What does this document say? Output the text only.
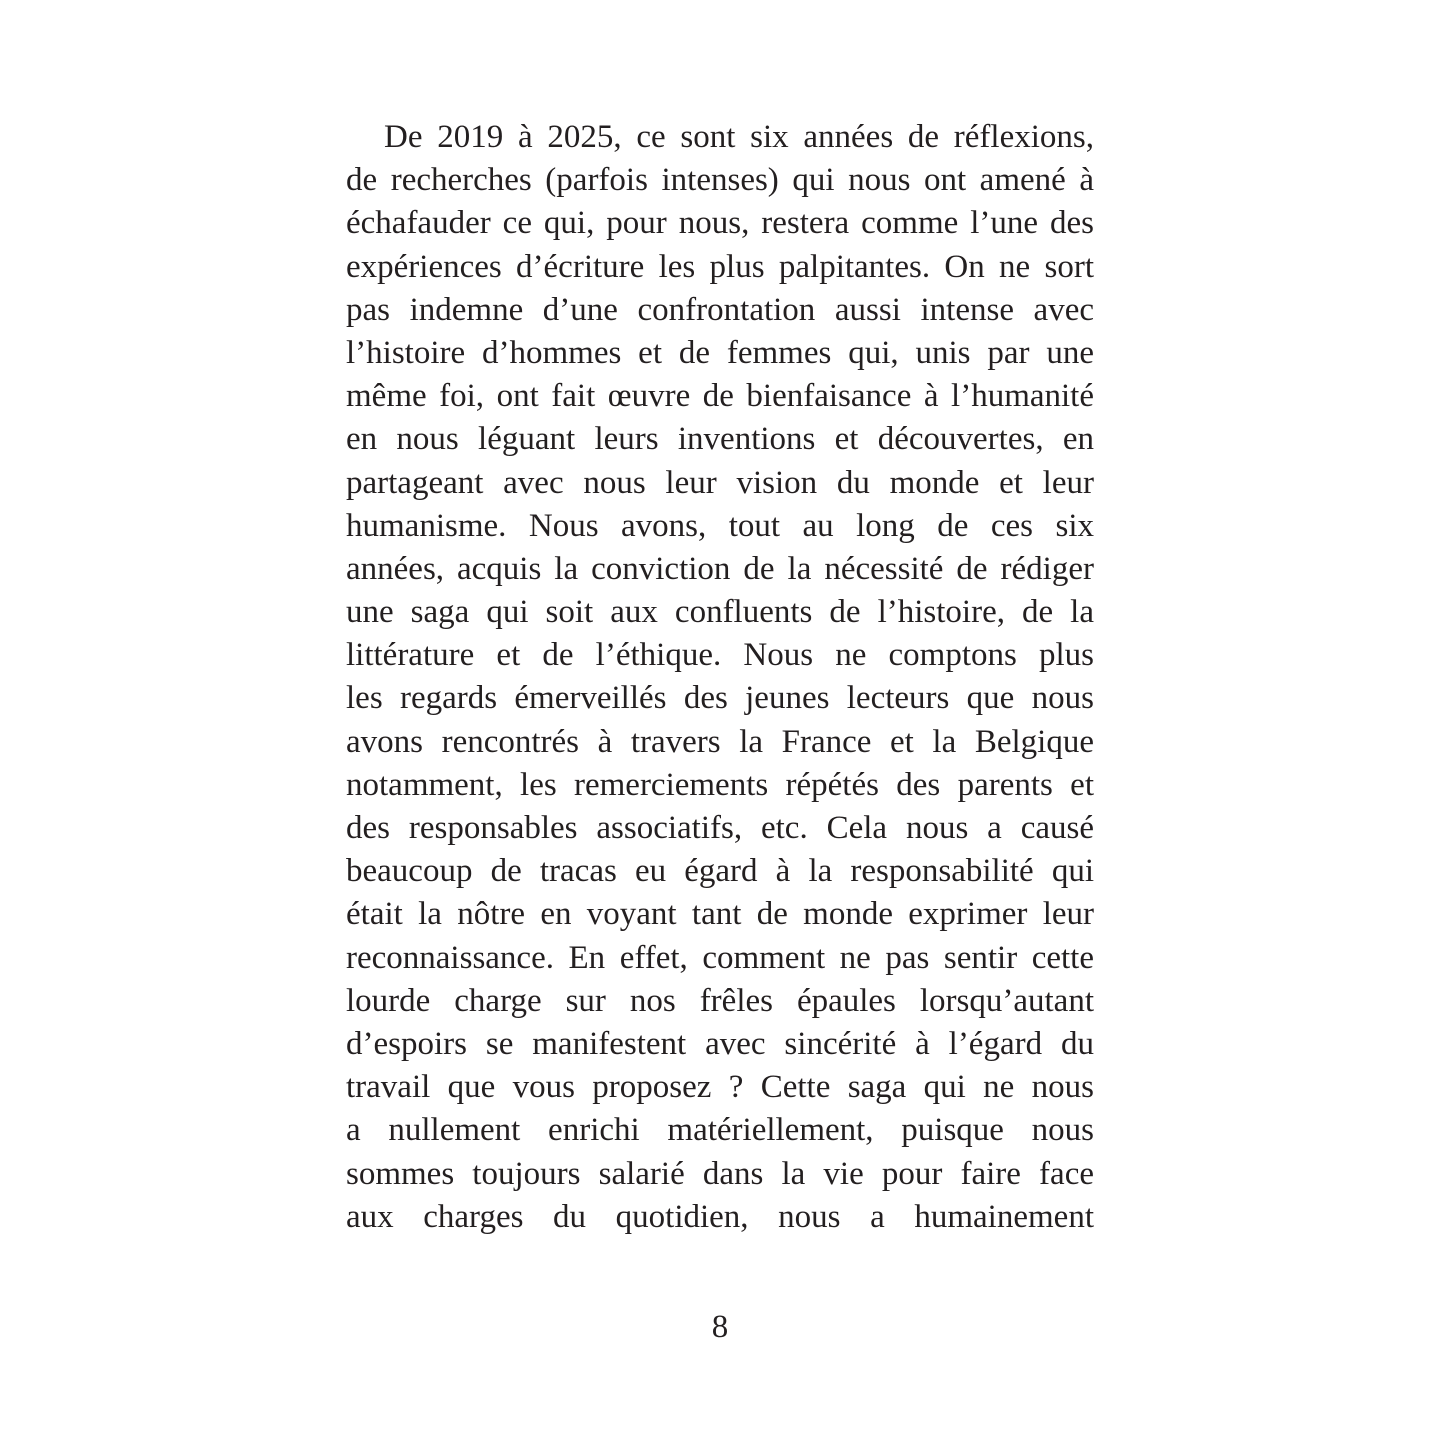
De 2019 à 2025, ce sont six années de réflexions,
de recherches (parfois intenses) qui nous ont amené à
échafauder ce qui, pour nous, restera comme l’une des
expériences d’écriture les plus palpitantes. On ne sort
pas indemne d’une confrontation aussi intense avec
l’histoire d’hommes et de femmes qui, unis par une
même foi, ont fait œuvre de bienfaisance à l’humanité
en nous léguant leurs inventions et découvertes, en
partageant avec nous leur vision du monde et leur
humanisme. Nous avons, tout au long de ces six
années, acquis la conviction de la nécessité de rédiger
une saga qui soit aux confluents de l’histoire, de la
littérature et de l’éthique. Nous ne comptons plus
les regards émerveillés des jeunes lecteurs que nous
avons rencontrés à travers la France et la Belgique
notamment, les remerciements répétés des parents et
des responsables associatifs, etc. Cela nous a causé
beaucoup de tracas eu égard à la responsabilité qui
était la nôtre en voyant tant de monde exprimer leur
reconnaissance. En effet, comment ne pas sentir cette
lourde charge sur nos frêles épaules lorsqu’autant
d’espoirs se manifestent avec sincérité à l’égard du
travail que vous proposez ? Cette saga qui ne nous
a nullement enrichi matériellement, puisque nous
sommes toujours salarié dans la vie pour faire face
aux charges du quotidien, nous a humainement
8
